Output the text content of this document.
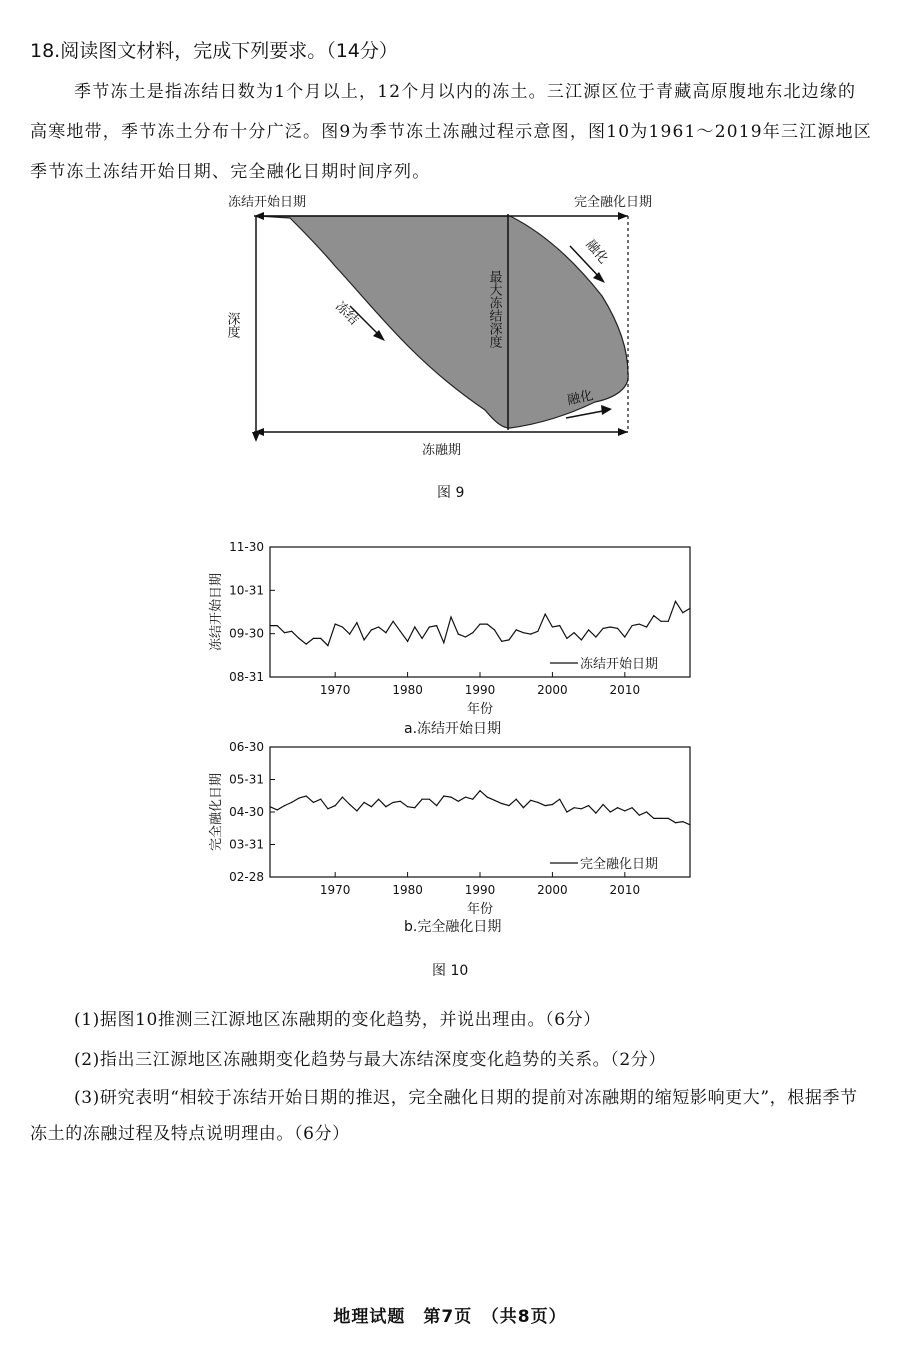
18.阅读图文材料，完成下列要求。（14分）
季节冻土是指冻结日数为1个月以上，12个月以内的冻土。三江源区位于青藏高原腹地东北边缘的高寒地带，季节冻土分布十分广泛。图9为季节冻土冻融过程示意图，图10为1961～2019年三江源地区季节冻土冻结开始日期、完全融化日期时间序列。
冻结开始日期	完全融化日期
深度	最大冻结深度
冻结
融化
融化
冻融期
图 9
11-30
10-31
09-30
08-31
1970	1980	1990	2000	2010
冻结开始日期
年份
冻结开始日期
a.冻结开始日期
06-30
05-31
04-30
03-31
02-28
1970	1980	1990	2000	2010
完全融化日期
年份
完全融化日期
b.完全融化日期
图 10
(1)据图10推测三江源地区冻融期的变化趋势，并说出理由。（6分）
(2)指出三江源地区冻融期变化趋势与最大冻结深度变化趋势的关系。（2分）
(3)研究表明“相较于冻结开始日期的推迟，完全融化日期的提前对冻融期的缩短影响更大”，根据季节冻土的冻融过程及特点说明理由。（6分）
地理试题　第7页　（共8页）
